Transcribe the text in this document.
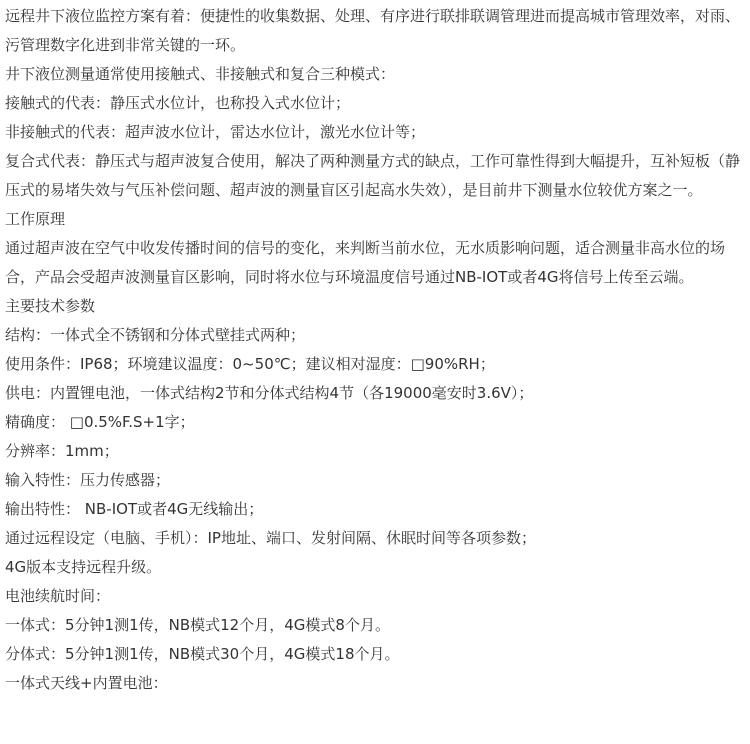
远程井下液位监控方案有着：便捷性的收集数据、处理、有序进行联排联调管理进而提高城市管理效率，对雨、污管理数字化进到非常关键的一环。

井下液位测量通常使用接触式、非接触式和复合三种模式：

接触式的代表：静压式水位计，也称投入式水位计；

非接触式的代表：超声波水位计，雷达水位计，激光水位计等；

复合式代表：静压式与超声波复合使用，解决了两种测量方式的缺点，工作可靠性得到大幅提升，互补短板（静压式的易堵失效与气压补偿问题、超声波的测量盲区引起高水失效），是目前井下测量水位较优方案之一。

工作原理

通过超声波在空气中收发传播时间的信号的变化，来判断当前水位，无水质影响问题，适合测量非高水位的场合，产品会受超声波测量盲区影响，同时将水位与环境温度信号通过NB-IOT或者4G将信号上传至云端。

主要技术参数

结构：一体式全不锈钢和分体式壁挂式两种；

使用条件：IP68；环境建议温度：0~50℃；建议相对湿度：□90%RH；

供电：内置锂电池，一体式结构2节和分体式结构4节（各19000毫安时3.6V）；

精确度： □0.5%F.S+1字；

分辨率：1mm；

输入特性：压力传感器；

输出特性： NB-IOT或者4G无线输出；

通过远程设定（电脑、手机）：IP地址、端口、发射间隔、休眠时间等各项参数；

4G版本支持远程升级。

电池续航时间：

一体式：5分钟1测1传，NB模式12个月，4G模式8个月。

分体式：5分钟1测1传，NB模式30个月，4G模式18个月。

一体式天线+内置电池：
